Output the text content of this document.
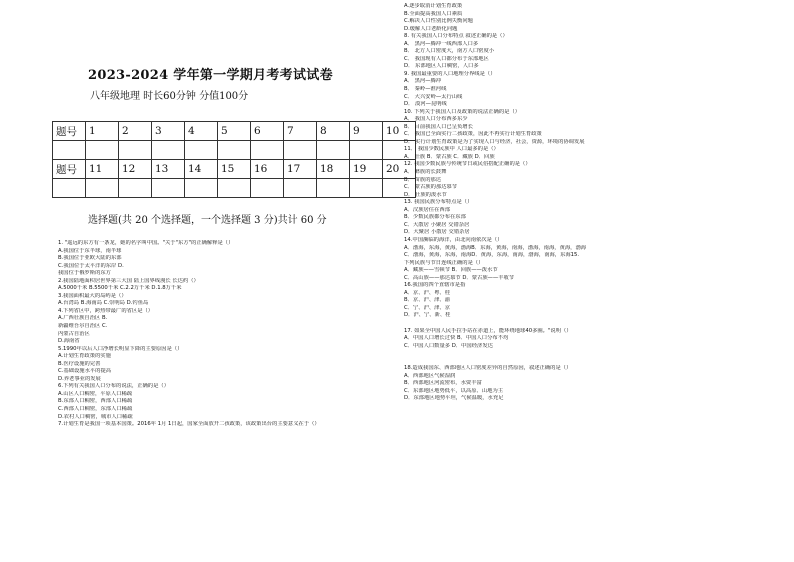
2023-2024 学年第一学期月考考试试卷
八年级地理 时长60分钟 分值100分
题号	1	2	3	4	5	6	7	8	9	10

题号	11	12	13	14	15	16	17	18	19	20

选择题(共 20 个选择题，一个选择题 3 分)共计 60 分
1. "遥远的东方有一条龙，她的名字叫中国。"关于"东方"的正确解释是（）
A.我国位于东半球，南半球
B.我国位于亚欧大陆的东部
C.我国位于太平洋的东岸 D.
我国位于俄罗斯的东方
2.我国陆地面积居世界第三大国 陆上国界线漫长 长达约（）
A.5000千米 B.5500千米 C.2.2万千米 D.1.8万千米
3.我国面积最大的岛屿是（）
A.台湾岛 B.海南岛 C.崇明岛 D.钓鱼岛
4.下列省区中，跨热带最广的省区是（）
A.广西壮族自治区 B.
新疆维吾尔自治区 C.
内蒙古自治区
D.海南省
5.1990年以后人口净增长明显下降的主要原因是（）
A.计划生育政策的实施
B.医疗设施的完善
C.基础设施水平的提高
D.养老事业的发展
6.下列有关我国人口分布的说法，正确的是（）
A.山区人口稠密，平原人口稀疏
B.东部人口稠密，西部人口稀疏
C.西部人口稠密，东部人口稀疏
D.农村人口稠密，城市人口稀疏
7.计划生育是我国一项基本国策。2016年 1月 1日起，国家全面放开二孩政策，该政策出台的主要意义在于（）
A.逐步取消计划生育政策
B.全面提高我国人口素质
C.解决人口性别比例失衡问题
D.缓解人口老龄化问题
8. 有关我国人口分布特点 叙述正确的是（）
A． 黑河—腾冲一线西部人口多
B． 北方人口密度大，南方人口密度小
C． 我国现有人口都分布于东部地区
D． 东部地区人口稠密，人口多
9. 我国最重要的人口地理分界线是（）
A． 黑河—腾冲
B． 秦岭—淮河线
C． 大兴安岭—太行山线
D． 漠河—昆明线
10. 下列关于我国人口及政策的说法正确的是（）
A． 我国人口分布西多东少
B． 目前我国人口已呈负增长
C． 我国已全面实行二孩政策，因此不再实行计划生育政策
D． 实行计划生育政策是为了实现人口与经济，社会，资源，环境的协调发展
11． 我国少数民族中 人口最多的是（）
A． 壮族 B．蒙古族 C．藏族 D．回族
12. 我国少数民族与传统节日或民俗搭配正确的是（）
A． 彝族的长鼓舞
B． 苗族的那达
C． 蒙古族的那达慕节
D． 壮族的泼水节
13. 我国民族分布特点是（）
A．汉族居住在西部
B．少数民族都分布在东部
C．大散居 小聚居 交错杂居
D．大聚居 小散居 交错杂居
14.中国濒临的海洋，由北向南依次是（）
A．渤海，东海，黄海，渤海B．东海，黄海，南海，渤海，南海，黄海，渤海
C．渤海，黄海，东海，南海D．黄海，东海，南海，渤海，南海，东海15.
下列民族与节日连线正确的是（）
A．藏族——雪顿节 B．回族——泼水节
C．高山族——那达慕节 D．蒙古族——丰收节
16.我国的四个直辖市是指
A．京、沪、粤、桂
B．京、沪、津、渝
C．宁、沪、津、京
D．沪、宁、新、桂
17. 如果全中国人民手拉手站在赤道上，能环绕地球40多圈。"说明（）
A．中国人口增长过快 B．中国人口分布不均
C．中国人口数量多 D．中国经济发达
18.造成我国东、西部地区人口密度差异的自然原因，叙述正确的是（）
A．西部地区气候湿润
B．西部地区河流密布，水资丰富
C．东部地区地势低平，以高原、山地为主
D．东部地区地势平坦，气候温暖，水充足
